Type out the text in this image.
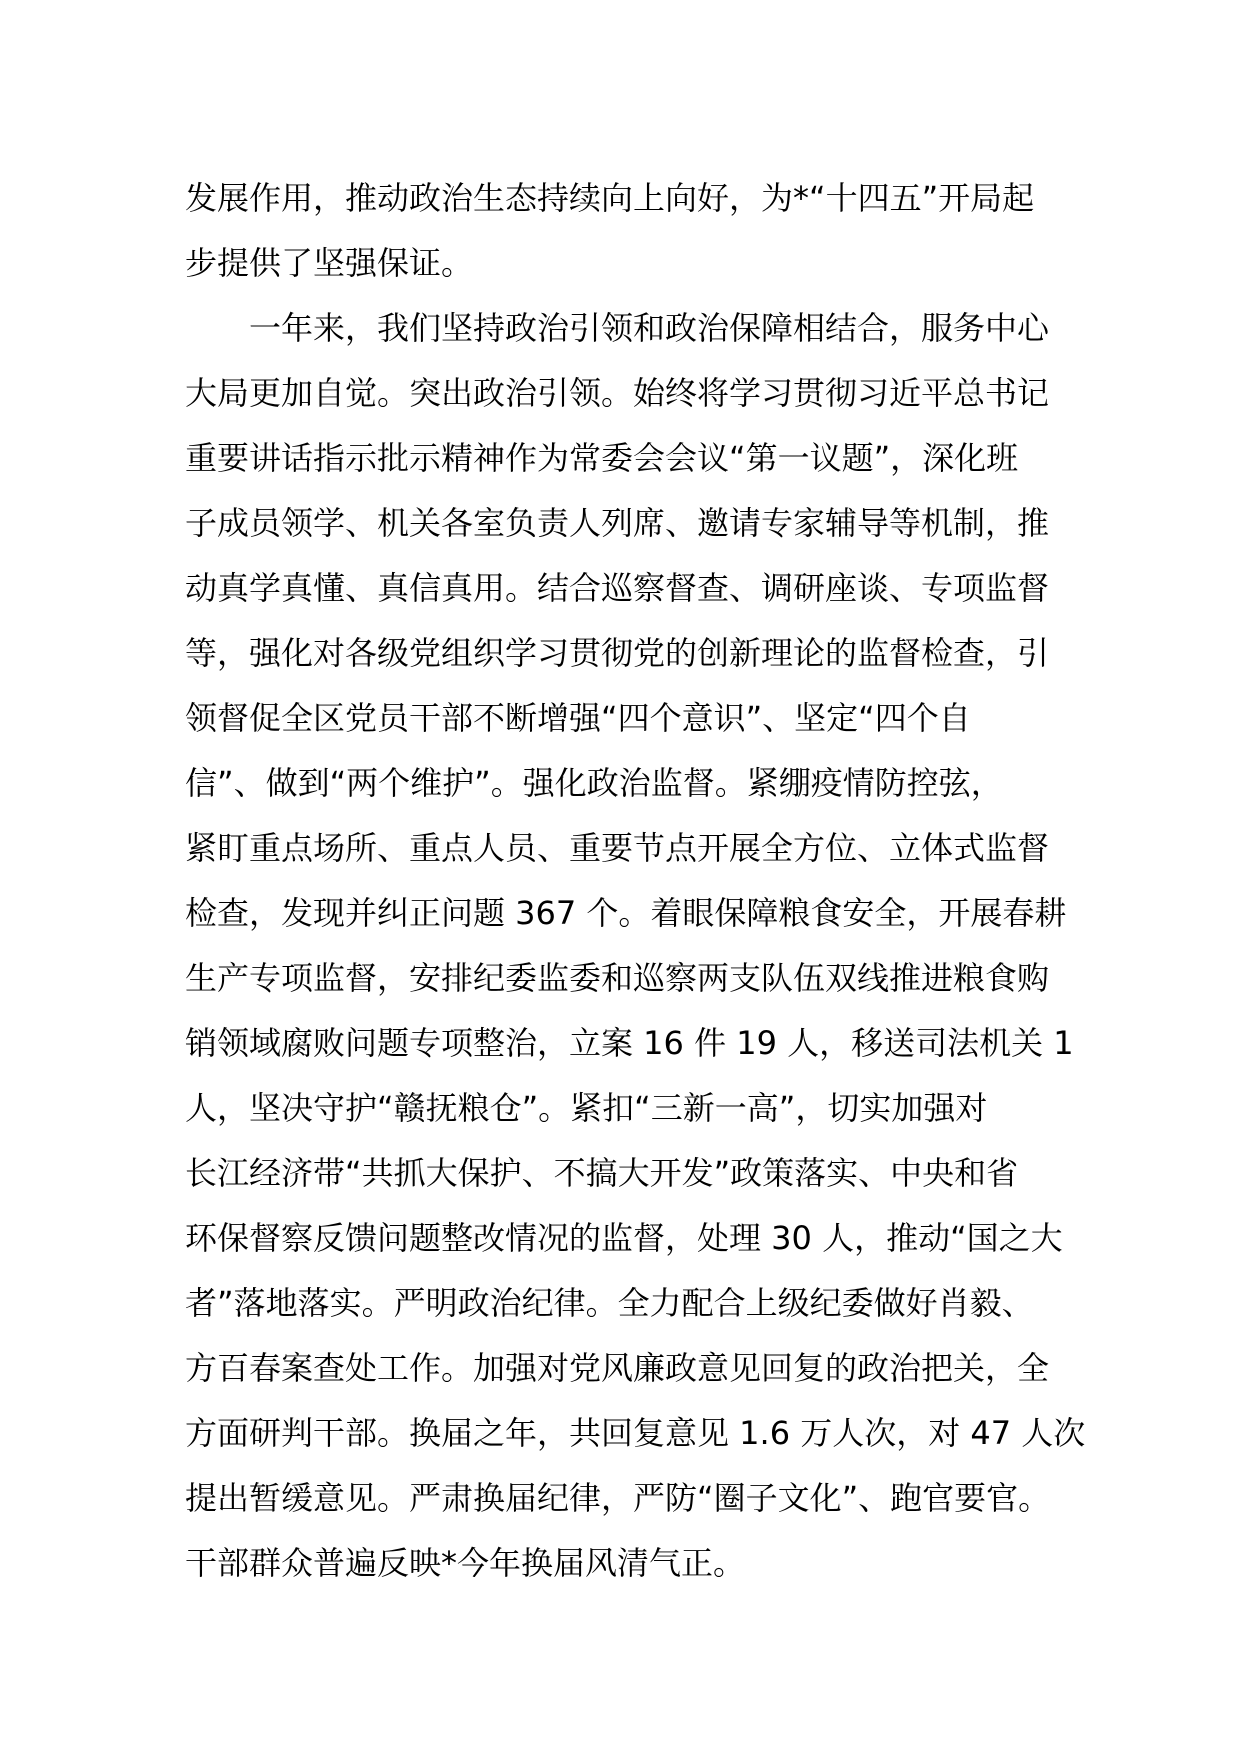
发展作用，推动政治生态持续向上向好，为*“十四五”开局起
步提供了坚强保证。
　　一年来，我们坚持政治引领和政治保障相结合，服务中心
大局更加自觉。突出政治引领。始终将学习贯彻习近平总书记
重要讲话指示批示精神作为常委会会议“第一议题”，深化班
子成员领学、机关各室负责人列席、邀请专家辅导等机制，推
动真学真懂、真信真用。结合巡察督查、调研座谈、专项监督
等，强化对各级党组织学习贯彻党的创新理论的监督检查，引
领督促全区党员干部不断增强“四个意识”、坚定“四个自
信”、做到“两个维护”。强化政治监督。紧绷疫情防控弦，
紧盯重点场所、重点人员、重要节点开展全方位、立体式监督
检查，发现并纠正问题 367 个。着眼保障粮食安全，开展春耕
生产专项监督，安排纪委监委和巡察两支队伍双线推进粮食购
销领域腐败问题专项整治，立案 16 件 19 人，移送司法机关 1
人，坚决守护“赣抚粮仓”。紧扣“三新一高”，切实加强对
长江经济带“共抓大保护、不搞大开发”政策落实、中央和省
环保督察反馈问题整改情况的监督，处理 30 人，推动“国之大
者”落地落实。严明政治纪律。全力配合上级纪委做好肖毅、
方百春案查处工作。加强对党风廉政意见回复的政治把关，全
方面研判干部。换届之年，共回复意见 1.6 万人次，对 47 人次
提出暂缓意见。严肃换届纪律，严防“圈子文化”、跑官要官。
干部群众普遍反映*今年换届风清气正。
